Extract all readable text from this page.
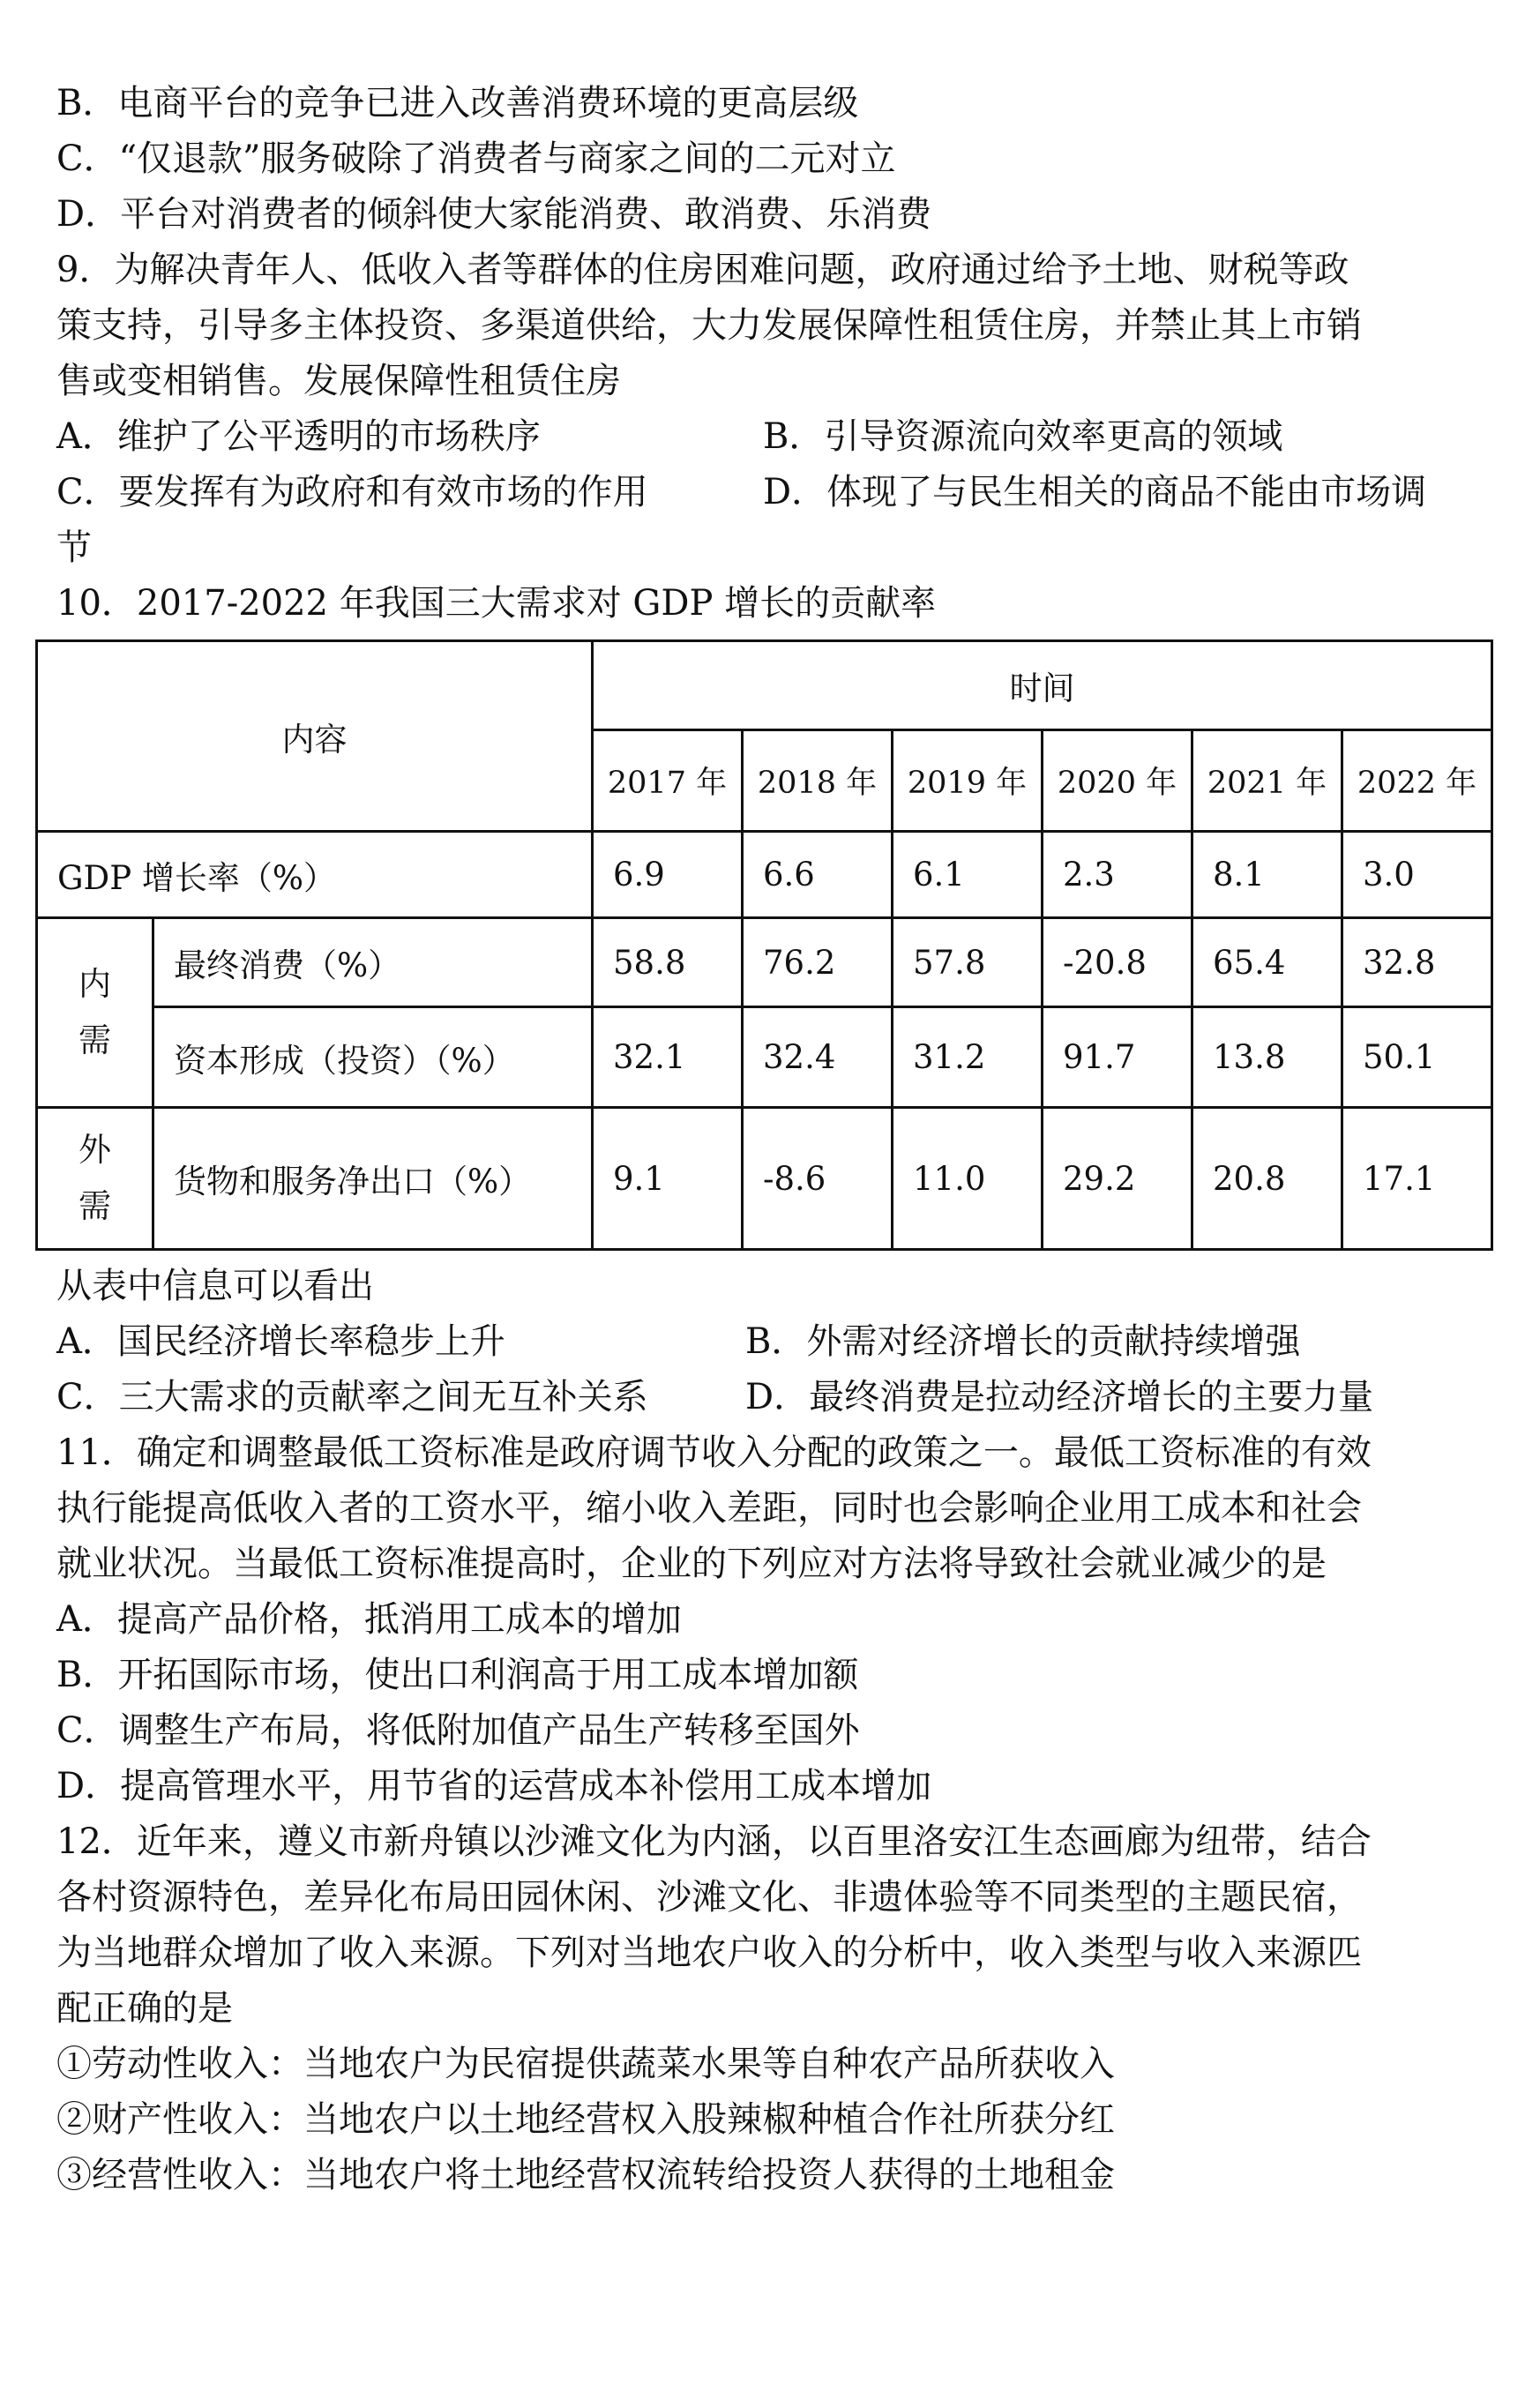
B．电商平台的竞争已进入改善消费环境的更高层级
C．“仅退款”服务破除了消费者与商家之间的二元对立
D．平台对消费者的倾斜使大家能消费、敢消费、乐消费
9．为解决青年人、低收入者等群体的住房困难问题，政府通过给予土地、财税等政
策支持，引导多主体投资、多渠道供给，大力发展保障性租赁住房，并禁止其上市销
售或变相销售。发展保障性租赁住房
A．维护了公平透明的市场秩序	B．引导资源流向效率更高的领域
C．要发挥有为政府和有效市场的作用	D．体现了与民生相关的商品不能由市场调
节
10．2017-2022 年我国三大需求对 GDP 增长的贡献率
内容		时间					
		2017 年	2018 年	2019 年	2020 年	2021 年	2022 年
GDP 增长率（%）		6.9	6.6	6.1	2.3	8.1	3.0
内
需	最终消费（%）	58.8	76.2	57.8	-20.8	65.4	32.8
	资本形成（投资）（%）	32.1	32.4	31.2	91.7	13.8	50.1
外
需	货物和服务净出口（%）	9.1	-8.6	11.0	29.2	20.8	17.1
从表中信息可以看出
A．国民经济增长率稳步上升	B．外需对经济增长的贡献持续增强
C．三大需求的贡献率之间无互补关系	D．最终消费是拉动经济增长的主要力量
11．确定和调整最低工资标准是政府调节收入分配的政策之一。最低工资标准的有效
执行能提高低收入者的工资水平，缩小收入差距，同时也会影响企业用工成本和社会
就业状况。当最低工资标准提高时，企业的下列应对方法将导致社会就业减少的是
A．提高产品价格，抵消用工成本的增加
B．开拓国际市场，使出口利润高于用工成本增加额
C．调整生产布局，将低附加值产品生产转移至国外
D．提高管理水平，用节省的运营成本补偿用工成本增加
12．近年来，遵义市新舟镇以沙滩文化为内涵，以百里洛安江生态画廊为纽带，结合
各村资源特色，差异化布局田园休闲、沙滩文化、非遗体验等不同类型的主题民宿，
为当地群众增加了收入来源。下列对当地农户收入的分析中，收入类型与收入来源匹
配正确的是
①劳动性收入：当地农户为民宿提供蔬菜水果等自种农产品所获收入
②财产性收入：当地农户以土地经营权入股辣椒种植合作社所获分红
③经营性收入：当地农户将土地经营权流转给投资人获得的土地租金
